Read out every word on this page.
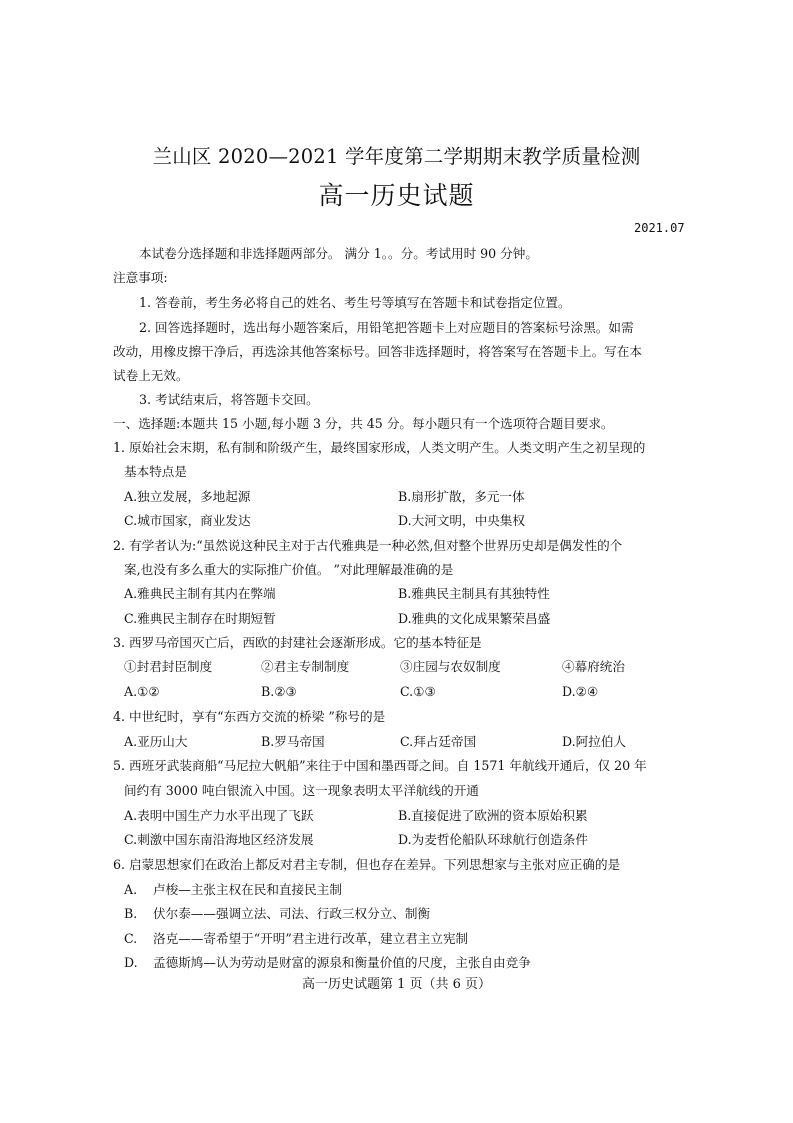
兰山区 2020—2021 学年度第二学期期末教学质量检测
高一历史试题
2021.07
本试卷分选择题和非选择题两部分。 满分 1。。分。考试用时 90 分钟。
注意事项:
1. 答卷前，考生务必将自己的姓名、考生号等填写在答题卡和试卷指定位置。
2. 回答选择题时，选出每小题答案后，用铅笔把答题卡上对应题目的答案标号涂黑。如需
改动，用橡皮擦干净后，再选涂其他答案标号。回答非选择题时，将答案写在答题卡上。写在本
试卷上无效。
3. 考试结束后，将答题卡交回。
一、选择题:本题共 15 小题,每小题 3 分，共 45 分。每小题只有一个选项符合题目要求。
1. 原始社会末期，私有制和阶级产生，最终国家形成，人类文明产生。人类文明产生之初呈现的
基本特点是
A.独立发展，多地起源	B.扇形扩散，多元一体
C.城市国家，商业发达	D.大河文明，中央集权
2. 有学者认为:“虽然说这种民主对于古代雅典是一种必然,但对整个世界历史却是偶发性的个
案,也没有多么重大的实际推广价值。 ”对此理解最准确的是
A.雅典民主制有其内在弊端	B.雅典民主制具有其独特性
C.雅典民主制存在时期短暂	D.雅典的文化成果繁荣昌盛
3. 西罗马帝国灭亡后，西欧的封建社会逐渐形成。它的基本特征是
①封君封臣制度	②君主专制制度	③庄园与农奴制度	④幕府统治
A.①②	B.②③	C.①③	D.②④
4. 中世纪时，享有“东西方交流的桥梁 ”称号的是
A.亚历山大	B.罗马帝国	C.拜占廷帝国	D.阿拉伯人
5. 西班牙武装商船“马尼拉大帆船”来往于中国和墨西哥之间。自 1571 年航线开通后，仅 20 年
间约有 3000 吨白银流入中国。这一现象表明太平洋航线的开通
A.表明中国生产力水平出现了飞跃	B.直接促进了欧洲的资本原始积累
C.刺激中国东南沿海地区经济发展	D.为麦哲伦船队环球航行创造条件
6. 启蒙思想家们在政治上都反对君主专制，但也存在差异。下列思想家与主张对应正确的是
A. 卢梭—主张主权在民和直接民主制
B. 伏尔泰——强调立法、司法、行政三权分立、制衡
C. 洛克——寄希望于“开明”君主进行改革，建立君主立宪制
D. 孟德斯鸠—认为劳动是财富的源泉和衡量价值的尺度，主张自由竞争
高一历史试题第 1 页（共 6 页）
